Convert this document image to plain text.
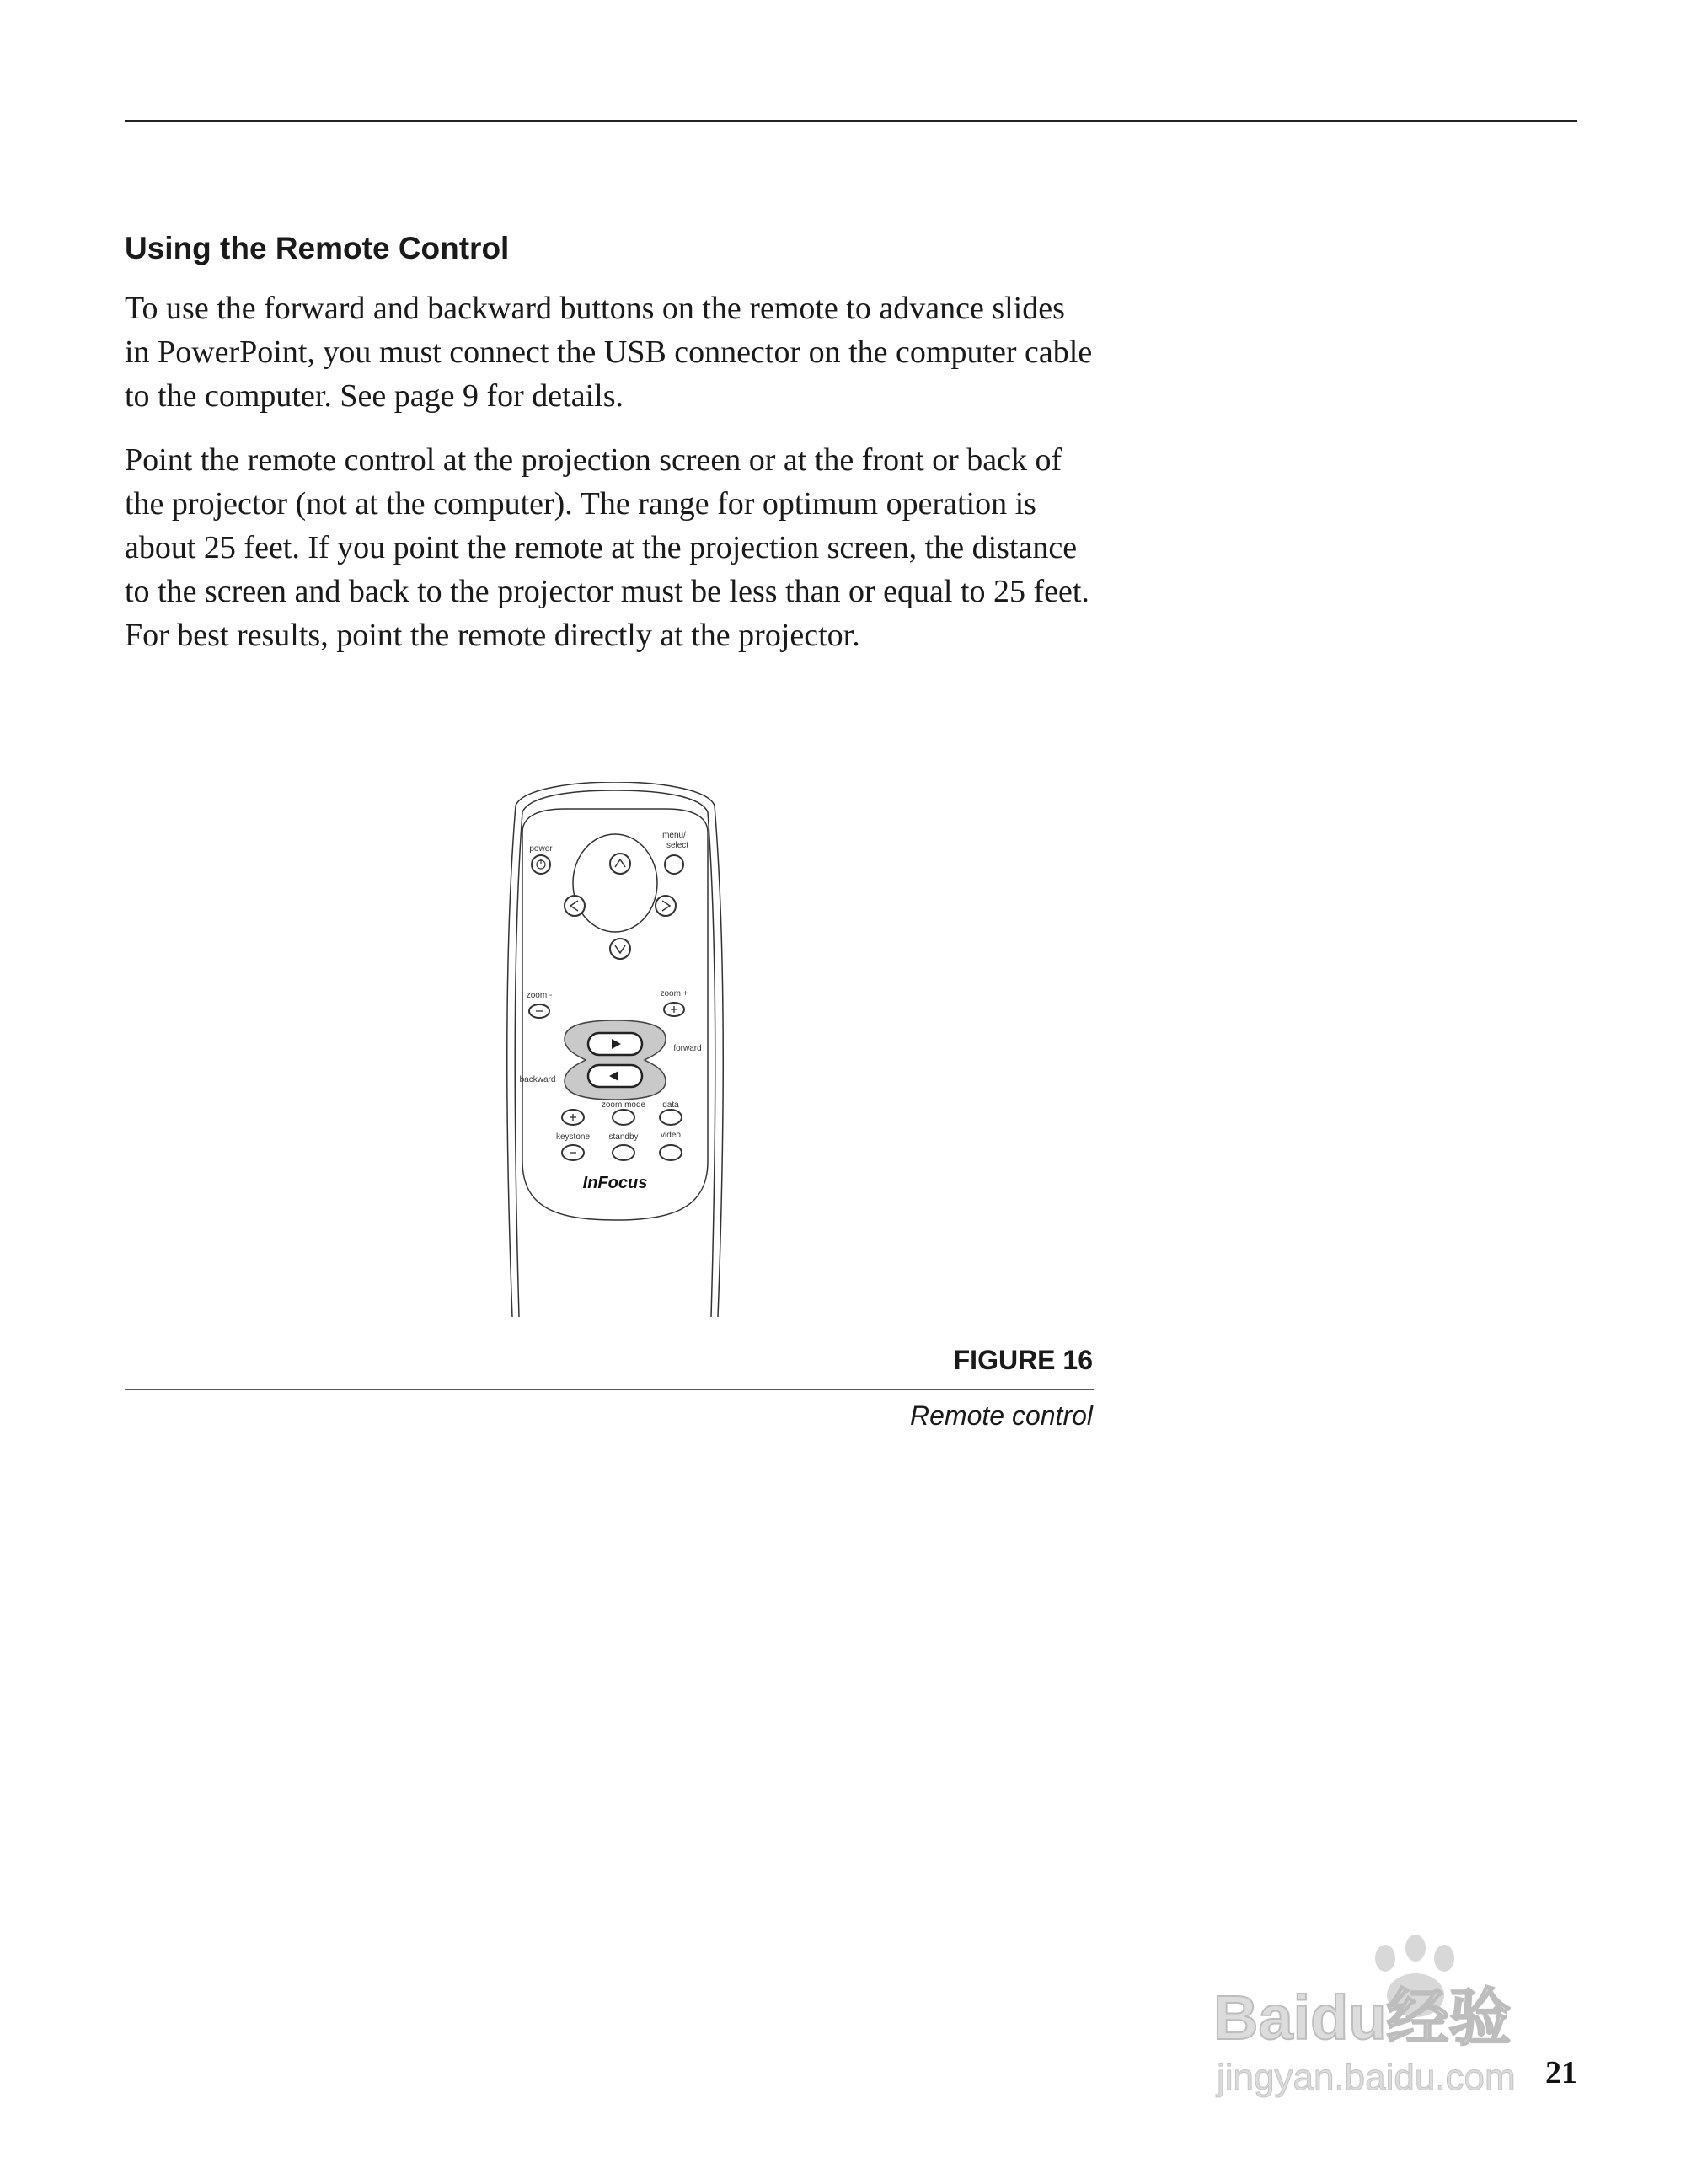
Using the Remote Control

To use the forward and backward buttons on the remote to advance slides in PowerPoint, you must connect the USB connector on the computer cable to the computer. See page 9 for details.

Point the remote control at the projection screen or at the front or back of the projector (not at the computer). The range for optimum operation is about 25 feet. If you point the remote at the projection screen, the distance to the screen and back to the projector must be less than or equal to 25 feet. For best results, point the remote directly at the projector.

power
menu/
select
zoom -	zoom +
forward
backward
zoom mode data
keystone standby	video
InFocus
FIGURE 16
Remote control
Baidu经验
jingyan.baidu.com 21
